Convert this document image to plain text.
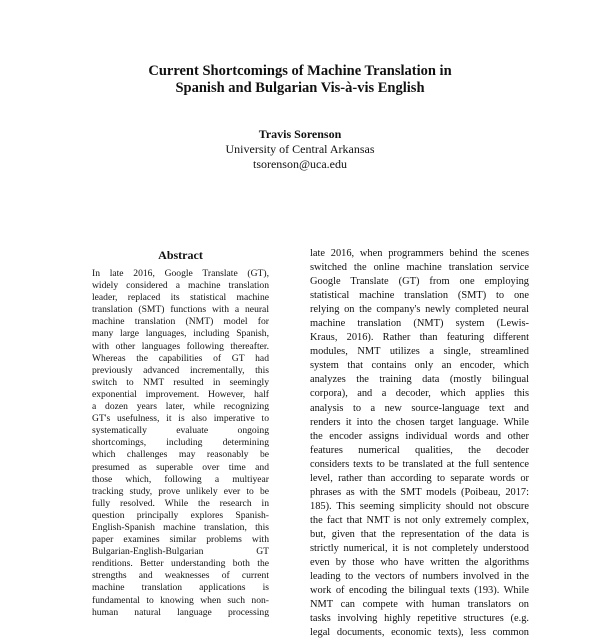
Current Shortcomings of Machine Translation in
Spanish and Bulgarian Vis-à-vis English
Travis Sorenson
University of Central Arkansas
tsorenson@uca.edu
Abstract
In late 2016, Google Translate (GT),
widely considered a machine translation
leader, replaced its statistical machine
translation (SMT) functions with a neural
machine translation (NMT) model for
many large languages, including Spanish,
with other languages following thereafter.
Whereas the capabilities of GT had
previously advanced incrementally, this
switch to NMT resulted in seemingly
exponential improvement. However, half
a dozen years later, while recognizing
GT's usefulness, it is also imperative to
systematically evaluate ongoing
shortcomings, including determining
which challenges may reasonably be
presumed as superable over time and
those which, following a multiyear
tracking study, prove unlikely ever to be
fully resolved. While the research in
question principally explores Spanish-
English-Spanish machine translation, this
paper examines similar problems with
Bulgarian-English-Bulgarian GT
renditions. Better understanding both the
strengths and weaknesses of current
machine translation applications is
fundamental to knowing when such non-
human natural language processing
late 2016, when programmers behind the scenes
switched the online machine translation service
Google Translate (GT) from one employing
statistical machine translation (SMT) to one
relying on the company's newly completed neural
machine translation (NMT) system (Lewis-
Kraus, 2016). Rather than featuring different
modules, NMT utilizes a single, streamlined
system that contains only an encoder, which
analyzes the training data (mostly bilingual
corpora), and a decoder, which applies this
analysis to a new source-language text and
renders it into the chosen target language. While
the encoder assigns individual words and other
features numerical qualities, the decoder
considers texts to be translated at the full sentence
level, rather than according to separate words or
phrases as with the SMT models (Poibeau, 2017:
185). This seeming simplicity should not obscure
the fact that NMT is not only extremely complex,
but, given that the representation of the data is
strictly numerical, it is not completely understood
even by those who have written the algorithms
leading to the vectors of numbers involved in the
work of encoding the bilingual texts (193). While
NMT can compete with human translators on
tasks involving highly repetitive structures (e.g.
legal documents, economic texts), less common
